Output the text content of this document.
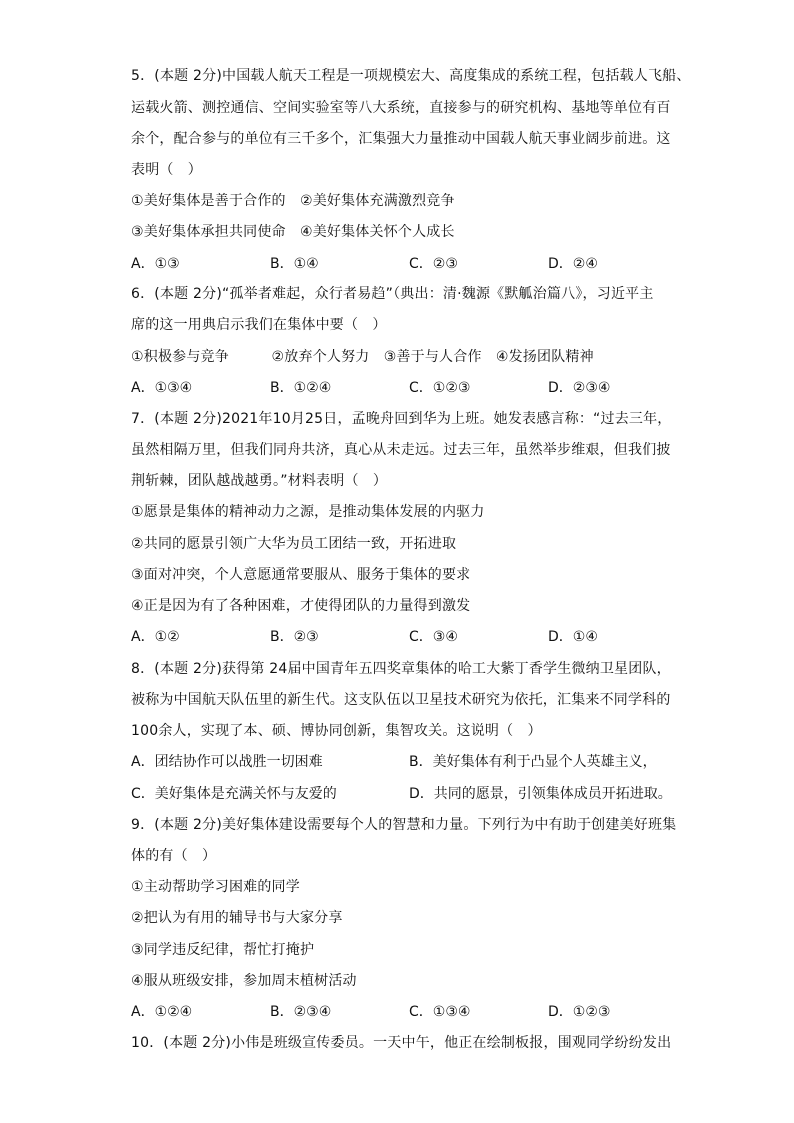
5．(本题 2分)中国载人航天工程是一项规模宏大、高度集成的系统工程，包括载人飞船、
运载火箭、测控通信、空间实验室等八大系统，直接参与的研究机构、基地等单位有百
余个，配合参与的单位有三千多个，汇集强大力量推动中国载人航天事业阔步前进。这
表明（　）
①美好集体是善于合作的　②美好集体充满激烈竞争
③美好集体承担共同使命　④美好集体关怀个人成长
A．①③	B．①④	C．②③	D．②④
6．(本题 2分)“孤举者难起，众行者易趋”（典出：清·魏源《默觚治篇八》，习近平主
席的这一用典启示我们在集体中要（　）
①积极参与竞争　　　②放弃个人努力　③善于与人合作　④发扬团队精神
A．①③④	B．①②④	C．①②③	D．②③④
7．(本题 2分)2021年10月25日，孟晚舟回到华为上班。她发表感言称：“过去三年，
虽然相隔万里，但我们同舟共济，真心从未走远。过去三年，虽然举步维艰，但我们披
荆斩棘，团队越战越勇。”材料表明（　）
①愿景是集体的精神动力之源，是推动集体发展的内驱力
②共同的愿景引领广大华为员工团结一致，开拓进取
③面对冲突，个人意愿通常要服从、服务于集体的要求
④正是因为有了各种困难，才使得团队的力量得到激发
A．①②	B．②③	C．③④	D．①④
8．(本题 2分)获得第 24届中国青年五四奖章集体的哈工大紫丁香学生微纳卫星团队，
被称为中国航天队伍里的新生代。这支队伍以卫星技术研究为依托，汇集来不同学科的
100余人，实现了本、硕、博协同创新，集智攻关。这说明（　）
A．团结协作可以战胜一切困难	B．美好集体有利于凸显个人英雄主义，
C．美好集体是充满关怀与友爱的	D．共同的愿景，引领集体成员开拓进取。
9．(本题 2分)美好集体建设需要每个人的智慧和力量。下列行为中有助于创建美好班集
体的有（　）
①主动帮助学习困难的同学
②把认为有用的辅导书与大家分享
③同学违反纪律，帮忙打掩护
④服从班级安排，参加周末植树活动
A．①②④	B．②③④	C．①③④	D．①②③
10．(本题 2分)小伟是班级宣传委员。一天中午，他正在绘制板报，围观同学纷纷发出
